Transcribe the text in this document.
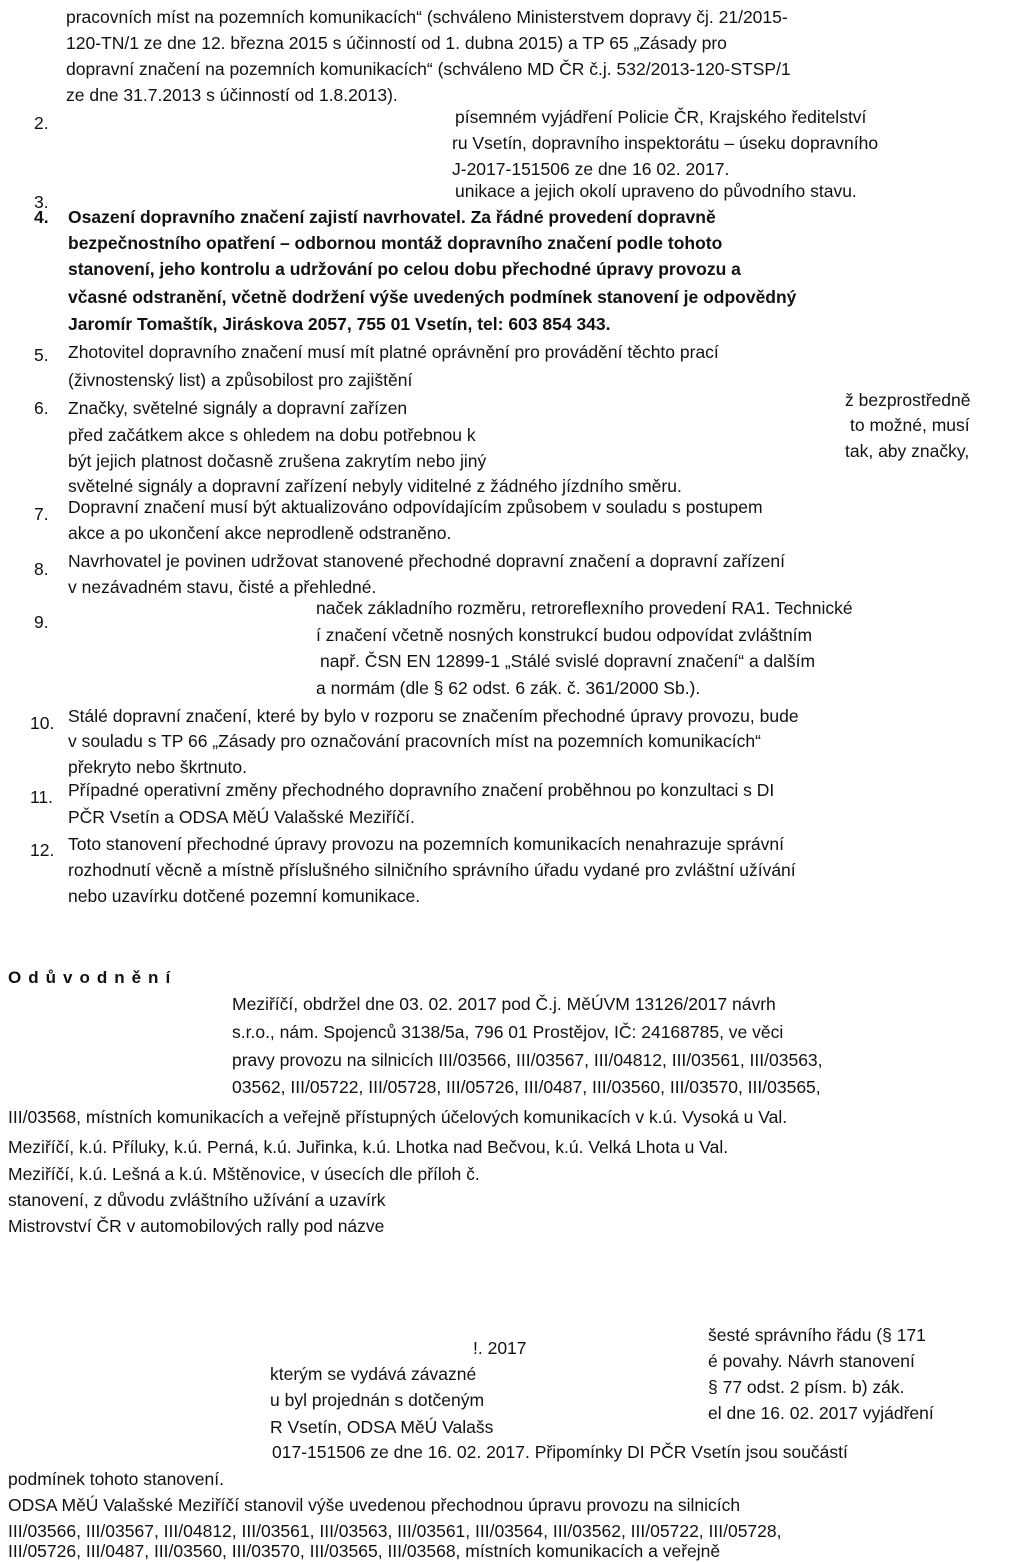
pracovních míst na pozemních komunikacích“ (schváleno Ministerstvem dopravy čj. 21/2015-
120-TN/1 ze dne 12. března 2015 s účinností od 1. dubna 2015) a TP 65 „Zásady pro
dopravní značení na pozemních komunikacích“ (schváleno MD ČR č.j. 532/2013-120-STSP/1
ze dne 31.7.2013 s účinností od 1.8.2013).
2.	písemném vyjádření Policie ČR, Krajského ředitelství
ru Vsetín, dopravního inspektorátu – úseku dopravního
J-2017-151506 ze dne 16 02. 2017.
3.
unikace a jejich okolí upraveno do původního stavu.
4. Osazení dopravního značení zajistí navrhovatel. Za řádné provedení dopravně
bezpečnostního opatření – odbornou montáž dopravního značení podle tohoto
stanovení, jeho kontrolu a udržování po celou dobu přechodné úpravy provozu a
včasné odstranění, včetně dodržení výše uvedených podmínek stanovení je odpovědný
Jaromír Tomaštík, Jiráskova 2057, 755 01 Vsetín, tel: 603 854 343.
5. Zhotovitel dopravního značení musí mít platné oprávnění pro provádění těchto prací
(živnostenský list) a způsobilost pro zajištění
6. Značky, světelné signály a dopravní zařízen
před začátkem akce s ohledem na dobu potřebnou k
být jejich platnost dočasně zrušena zakrytím nebo jiný
ž bezprostředně
to možné, musí
tak, aby značky,
světelné signály a dopravní zařízení nebyly viditelné z žádného jízdního směru.
7. Dopravní značení musí být aktualizováno odpovídajícím způsobem v souladu s postupem
akce a po ukončení akce neprodleně odstraněno.
8. Navrhovatel je povinen udržovat stanovené přechodné dopravní značení a dopravní zařízení
v nezávadném stavu, čisté a přehledné.
9.
naček základního rozměru, retroreflexního provedení RA1. Technické
í značení včetně nosných konstrukcí budou odpovídat zvláštním
např. ČSN EN 12899-1 „Stálé svislé dopravní značení“ a dalším
a normám (dle § 62 odst. 6 zák. č. 361/2000 Sb.).
10. Stálé dopravní značení, které by bylo v rozporu se značením přechodné úpravy provozu, bude
v souladu s TP 66 „Zásady pro označování pracovních míst na pozemních komunikacích“
překryto nebo škrtnuto.
11. Případné operativní změny přechodného dopravního značení proběhnou po konzultaci s DI
PČR Vsetín a ODSA MěÚ Valašské Meziříčí.
12. Toto stanovení přechodné úpravy provozu na pozemních komunikacích nenahrazuje správní
rozhodnutí věcně a místně příslušného silničního správního úřadu vydané pro zvláštní užívání
nebo uzavírku dotčené pozemní komunikace.
Odůvodnění
Meziříčí, obdržel dne 03. 02. 2017 pod Č.j. MěÚVM 13126/2017 návrh
s.r.o., nám. Spojenců 3138/5a, 796 01 Prostějov, IČ: 24168785, ve věci
pravy provozu na silnicích III/03566, III/03567, III/04812, III/03561, III/03563,
03562, III/05722, III/05728, III/05726, III/0487, III/03560, III/03570, III/03565,
III/03568, místních komunikacích a veřejně přístupných účelových komunikacích v k.ú. Vysoká u Val.
Meziříčí, k.ú. Příluky, k.ú. Perná, k.ú. Juřinka, k.ú. Lhotka nad Bečvou, k.ú. Velká Lhota u Val.
Meziříčí, k.ú. Lešná a k.ú. Mštěnovice, v úsecích dle příloh č.
stanovení, z důvodu zvláštního užívání a uzavírk
Mistrovství ČR v automobilových rally pod názve
!. 2017
kterým se vydává závazné
u byl projednán s dotčeným
R Vsetín, ODSA MěÚ Valašs
šesté správního řádu (§ 171
é povahy. Návrh stanovení
§ 77 odst. 2 písm. b) zák.
el dne 16. 02. 2017 vyjádření
017-151506 ze dne 16. 02. 2017. Připomínky DI PČR Vsetín jsou součástí
podmínek tohoto stanovení.
ODSA MěÚ Valašské Meziříčí stanovil výše uvedenou přechodnou úpravu provozu na silnicích
III/03566, III/03567, III/04812, III/03561, III/03563, III/03561, III/03564, III/03562, III/05722, III/05728,
III/05726, III/0487, III/03560, III/03570, III/03565, III/03568, místních komunikacích a veřejně
